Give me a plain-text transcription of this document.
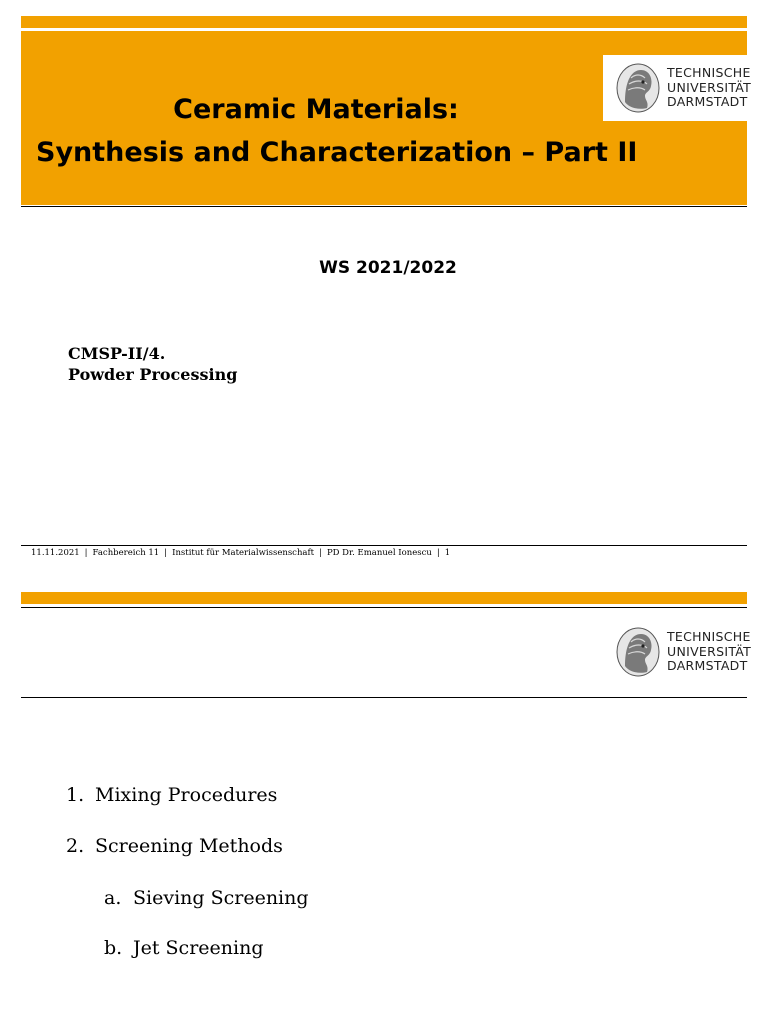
Ceramic Materials:
Synthesis and Characterization – Part II
TECHNISCHE
UNIVERSITÄT
DARMSTADT
WS 2021/2022
CMSP-II/4.
Powder Processing
11.11.2021 | Fachbereich 11 | Institut für Materialwissenschaft | PD Dr. Emanuel Ionescu | 1
TECHNISCHE
UNIVERSITÄT
DARMSTADT
1. Mixing Procedures
2. Screening Methods
a. Sieving Screening
b. Jet Screening
